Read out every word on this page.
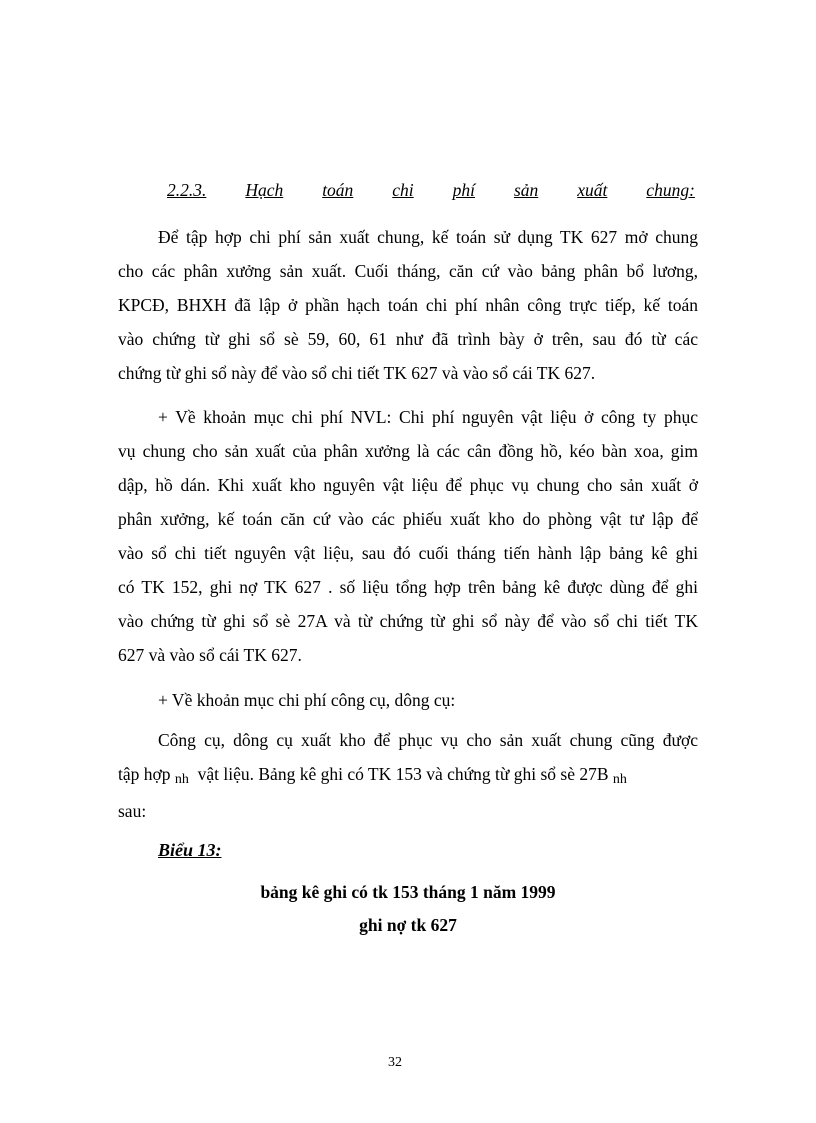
2.2.3. Hạch toán chi phí sản xuất chung:
Để tập hợp chi phí sản xuất chung, kế toán sử dụng TK 627 mở chung
cho các phân xưởng sản xuất. Cuối tháng, căn cứ vào bảng phân bổ lương,
KPCĐ, BHXH đã lập ở phần hạch toán chi phí nhân công trực tiếp, kế toán
vào chứng từ ghi sổ sè 59, 60, 61 như đã trình bày ở trên, sau đó từ các
chứng từ ghi sổ này để vào sổ chi tiết TK 627 và vào sổ cái TK 627.
+ Về khoản mục chi phí NVL: Chi phí nguyên vật liệu ở công ty phục
vụ chung cho sản xuất của phân xưởng là các cân đồng hồ, kéo bàn xoa, gim
dập, hồ dán. Khi xuất kho nguyên vật liệu để phục vụ chung cho sản xuất ở
phân xưởng, kế toán căn cứ vào các phiếu xuất kho do phòng vật tư lập để
vào sổ chi tiết nguyên vật liệu, sau đó cuối tháng tiến hành lập bảng kê ghi
có TK 152, ghi nợ TK 627 . số liệu tổng hợp trên bảng kê được dùng để ghi
vào chứng từ ghi sổ sè 27A và từ chứng từ ghi sổ này để vào sổ chi tiết TK
627 và vào sổ cái TK 627.
+ Về khoản mục chi phí công cụ, dông cụ:
Công cụ, dông cụ xuất kho để phục vụ cho sản xuất chung cũng được
tập hợp nh vật liệu. Bảng kê ghi có TK 153 và chứng từ ghi sổ sè 27B nh
sau:
Biểu 13:
bảng kê ghi có tk 153 tháng 1 năm 1999
ghi nợ tk 627
32
